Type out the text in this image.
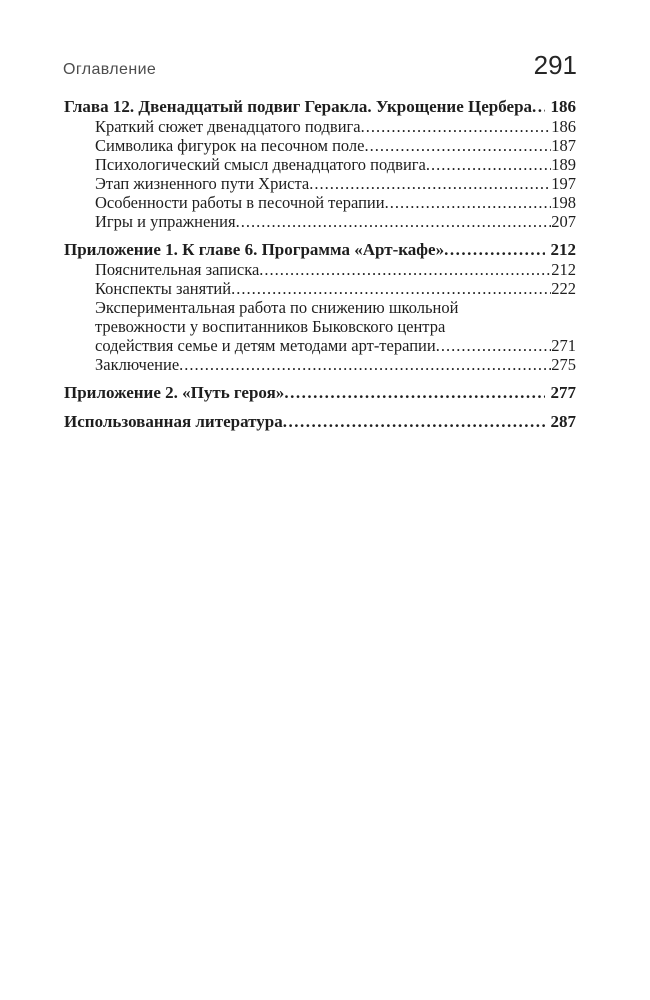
Оглавление	291
Глава 12. Двенадцатый подвиг Геракла. Укрощение Цербера ..... 186
Краткий сюжет двенадцатого подвига .....	186
Символика фигурок на песочном поле .....	187
Психологический смысл двенадцатого подвига .....	189
Этап жизненного пути Христа .....	197
Особенности работы в песочной терапии .....	198
Игры и упражнения .....	207
Приложение 1. К главе 6. Программа «Арт-кафе» .....	212
Пояснительная записка .....	212
Конспекты занятий .....	222
Экспериментальная работа по снижению школьной
тревожности у воспитанников Быковского центра
содействия семье и детям методами арт-терапии .....	271
Заключение .....	275
Приложение 2. «Путь героя» .....	277
Использованная литература .....	287
